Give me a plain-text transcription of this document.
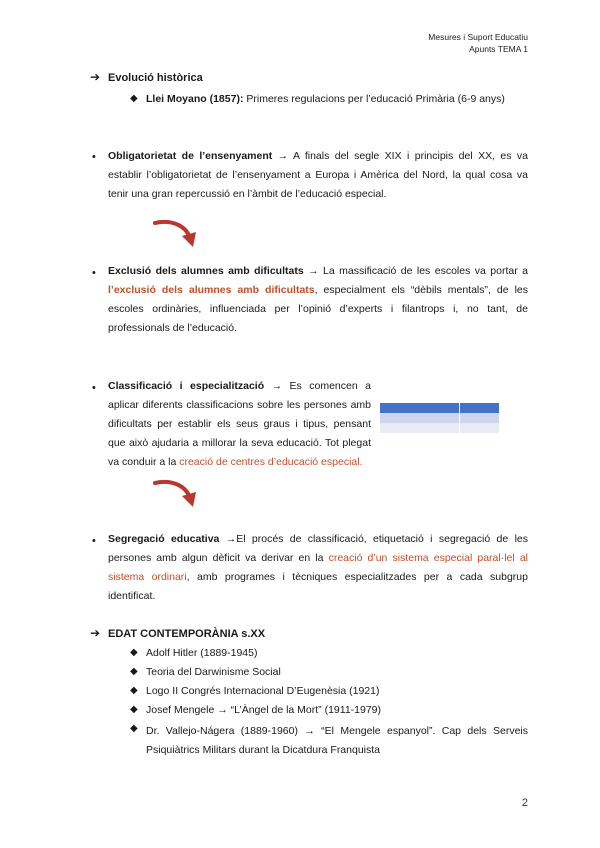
Mesures i Suport Educatiu
Apunts TEMA 1
➔ Evolució històrica
◆ Llei Moyano (1857): Primeres regulacions per l’educació Primària (6-9 anys)
• Obligatorietat de l’ensenyament → A finals del segle XIX i principis del XX, es va establir l’obligatorietat de l’ensenyament a Europa i Amèrica del Nord, la qual cosa va tenir una gran repercussió en l’àmbit de l’educació especial.
• Exclusió dels alumnes amb dificultats → La massificació de les escoles va portar a l’exclusió dels alumnes amb dificultats, especialment els “dèbils mentals”, de les escoles ordinàries, influenciada per l’opinió d’experts i filantrops i, no tant, de professionals de l’educació.
• Classificació i especialització → Es comencen a aplicar diferents classificacions sobre les persones amb dificultats per establir els seus graus i tipus, pensant que això ajudaria a millorar la seva educació. Tot plegat va conduir a la creació de centres d’educació especial.

• Segregació educativa →El procés de classificació, etiquetació i segregació de les persones amb algun dèficit va derivar en la creació d’un sistema especial paral·lel al sistema ordinari, amb programes i tècniques especialitzades per a cada subgrup identificat.
➔ EDAT CONTEMPORÀNIA s.XX
◆ Adolf Hitler (1889-1945)
◆ Teoria del Darwinisme Social
◆ Logo II Congrés Internacional D’Eugenèsia (1921)
◆ Josef Mengele → “L’Àngel de la Mort” (1911-1979)
◆ Dr. Vallejo-Nágera (1889-1960) → “El Mengele espanyol”. Cap dels Serveis Psiquiàtrics Militars durant la Dicatdura Franquista
2
